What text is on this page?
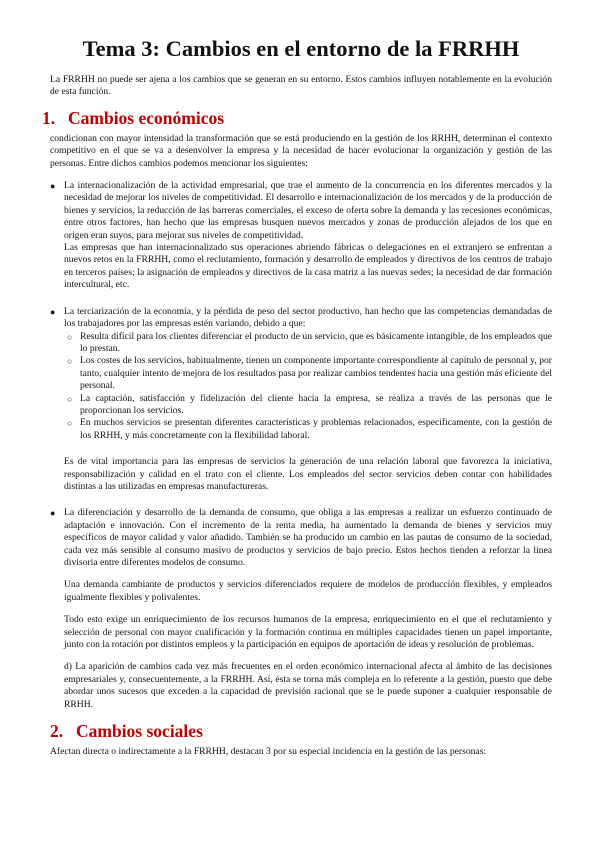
Tema 3: Cambios en el entorno de la FRRHH

La FRRHH no puede ser ajena a los cambios que se generan en su entorno. Estos cambios influyen notablemente en la evolución de esta función.

1. Cambios económicos

condicionan con mayor intensidad la transformación que se está produciendo en la gestión de los RRHH, determinan el contexto competitivo en el que se va a desenvolver la empresa y la necesidad de hacer evolucionar la organización y gestión de las personas. Entre dichos cambios podemos mencionar los siguientes:

● La internacionalización de la actividad empresarial, que trae el aumento de la concurrencia en los diferentes mercados y la necesidad de mejorar los niveles de competitividad. El desarrollo e internacionalización de los mercados y de la producción de bienes y servicios, la reducción de las barreras comerciales, el exceso de oferta sobre la demanda y las recesiones económicas, entre otros factores, han hecho que las empresas busquen nuevos mercados y zonas de producción alejados de los que en origen eran suyos, para mejorar sus niveles de competitividad.

Las empresas que han internacionalizado sus operaciones abriendo fábricas o delegaciones en el extranjero se enfrentan a nuevos retos en la FRRHH, como el reclutamiento, formación y desarrollo de empleados y directivos de los centros de trabajo en terceros países; la asignación de empleados y directivos de la casa matriz a las nuevas sedes; la necesidad de dar formación intercultural, etc.

● La terciarización de la economía, y la pérdida de peso del sector productivo, han hecho que las competencias demandadas de los trabajadores por las empresas estén variando, debido a que:

○ Resulta difícil para los clientes diferenciar el producto de un servicio, que es básicamente intangible, de los empleados que lo prestan.

○ Los costes de los servicios, habitualmente, tienen un componente importante correspondiente al capítulo de personal y, por tanto, cualquier intento de mejora de los resultados pasa por realizar cambios tendentes hacia una gestión más eficiente del personal.

○ La captación, satisfacción y fidelización del cliente hacia la empresa, se realiza a través de las personas que le proporcionan los servicios.

○ En muchos servicios se presentan diferentes características y problemas relacionados, específicamente, con la gestión de los RRHH, y más concretamente con la flexibilidad laboral.

Es de vital importancia para las empresas de servicios la generación de una relación laboral que favorezca la iniciativa, responsabilización y calidad en el trato con el cliente. Los empleados del sector servicios deben contar con habilidades distintas a las utilizadas en empresas manufactureras.

● La diferenciación y desarrollo de la demanda de consumo, que obliga a las empresas a realizar un esfuerzo continuado de adaptación e innovación. Con el incremento de la renta media, ha aumentado la demanda de bienes y servicios muy específicos de mayor calidad y valor añadido. También se ha producido un cambio en las pautas de consumo de la sociedad, cada vez más sensible al consumo masivo de productos y servicios de bajo precio. Estos hechos tienden a reforzar la línea divisoria entre diferentes modelos de consumo.

Una demanda cambiante de productos y servicios diferenciados requiere de modelos de producción flexibles, y empleados igualmente flexibles y polivalentes.

Todo esto exige un enriquecimiento de los recursos humanos de la empresa, enriquecimiento en el que el reclutamiento y selección de personal con mayor cualificación y la formación continua en múltiples capacidades tienen un papel importante, junto con la rotación por distintos empleos y la participación en equipos de aportación de ideas y resolución de problemas.

d) La aparición de cambios cada vez más frecuentes en el orden económico internacional afecta al ámbito de las decisiones empresariales y, consecuentemente, a la FRRHH. Así, ésta se torna más compleja en lo referente a la gestión, puesto que debe abordar unos sucesos que exceden a la capacidad de previsión racional que se le puede suponer a cualquier responsable de RRHH.

2. Cambios sociales

Afectan directa o indirectamente a la FRRHH, destacan 3 por su especial incidencia en la gestión de las personas:
